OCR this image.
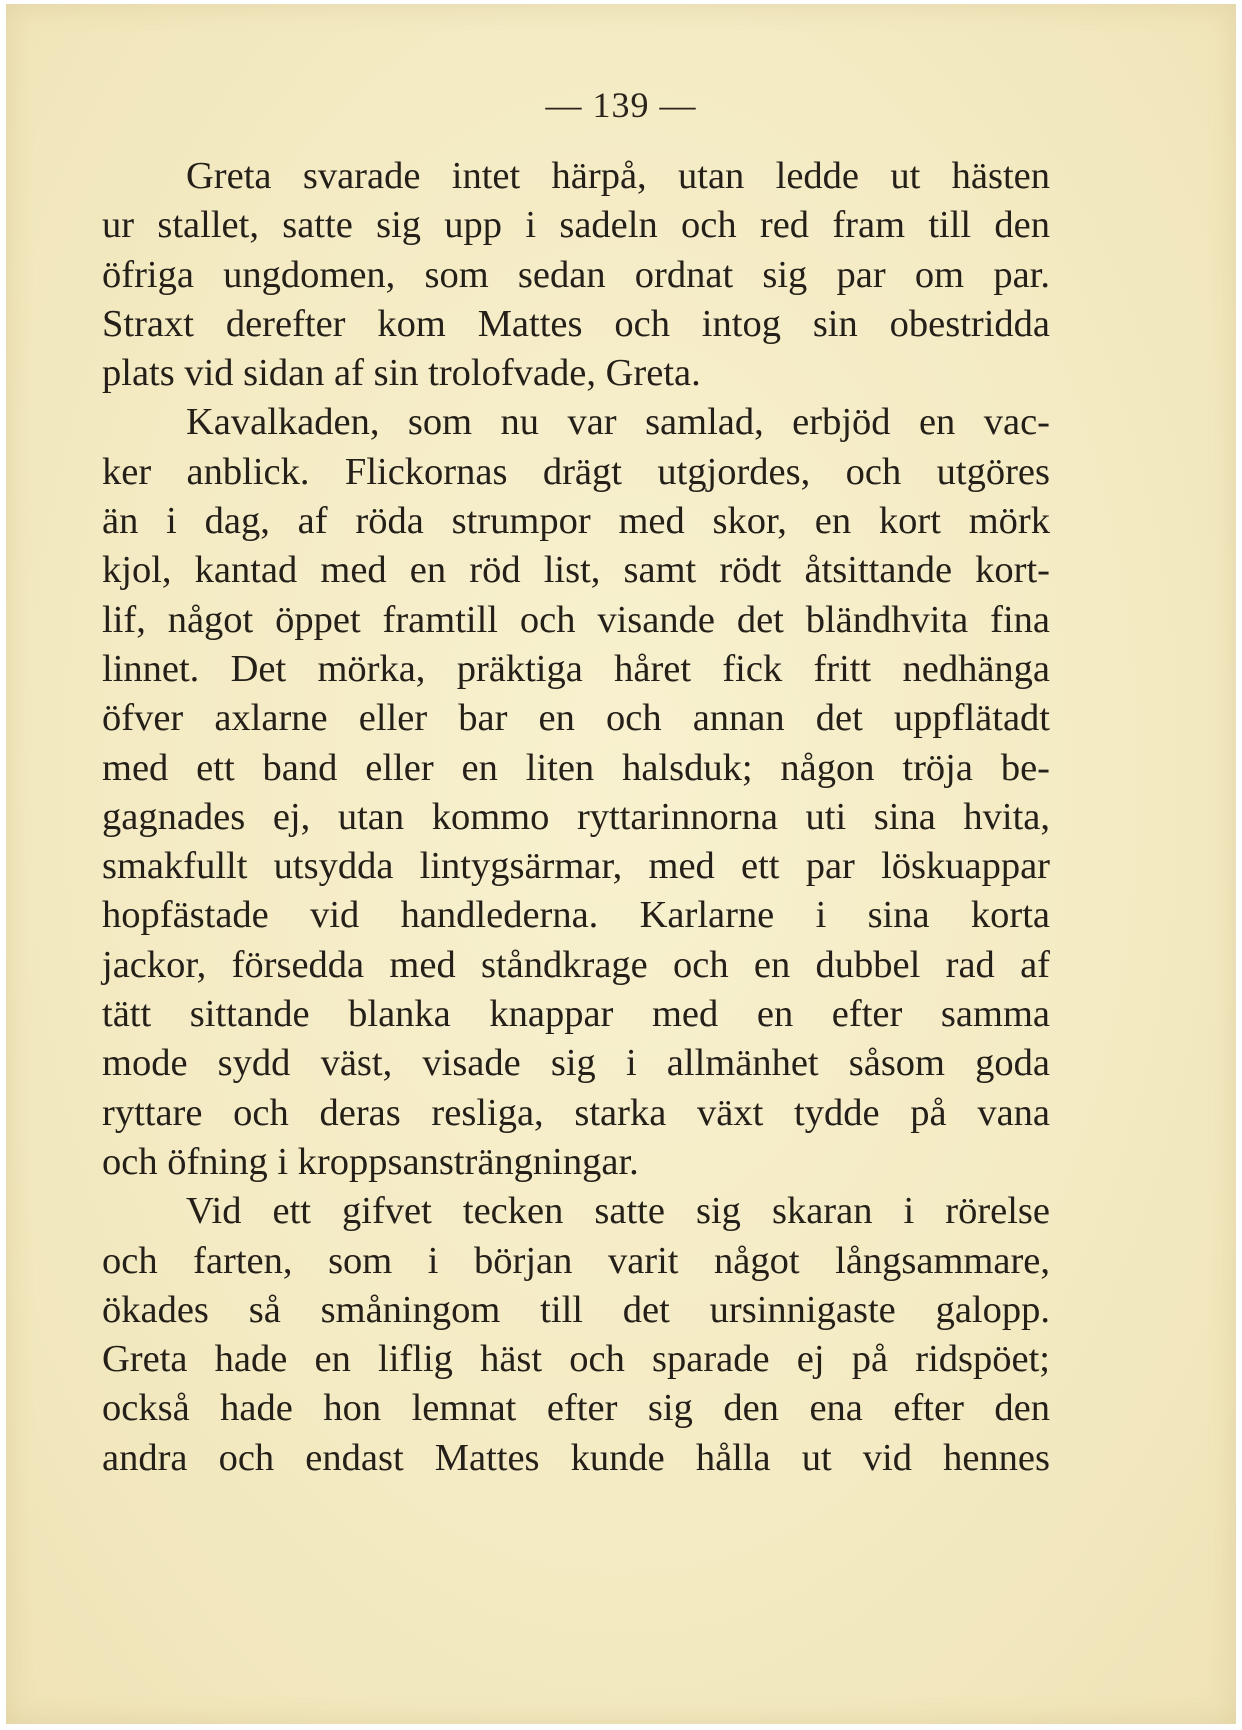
— 139 —
Greta svarade intet härpå, utan ledde ut hästen
ur stallet, satte sig upp i sadeln och red fram till den
öfriga ungdomen, som sedan ordnat sig par om par.
Straxt derefter kom Mattes och intog sin obestridda
plats vid sidan af sin trolofvade, Greta.
Kavalkaden, som nu var samlad, erbjöd en vac-
ker anblick. Flickornas drägt utgjordes, och utgöres
än i dag, af röda strumpor med skor, en kort mörk
kjol, kantad med en röd list, samt rödt åtsittande kort-
lif, något öppet framtill och visande det bländhvita fina
linnet. Det mörka, präktiga håret fick fritt nedhänga
öfver axlarne eller bar en och annan det uppflätadt
med ett band eller en liten halsduk; någon tröja be-
gagnades ej, utan kommo ryttarinnorna uti sina hvita,
smakfullt utsydda lintygsärmar, med ett par löskuappar
hopfästade vid handlederna. Karlarne i sina korta
jackor, försedda med ståndkrage och en dubbel rad af
tätt sittande blanka knappar med en efter samma
mode sydd väst, visade sig i allmänhet såsom goda
ryttare och deras resliga, starka växt tydde på vana
och öfning i kroppsansträngningar.
Vid ett gifvet tecken satte sig skaran i rörelse
och farten, som i början varit något långsammare,
ökades så småningom till det ursinnigaste galopp.
Greta hade en liflig häst och sparade ej på ridspöet;
också hade hon lemnat efter sig den ena efter den
andra och endast Mattes kunde hålla ut vid hennes
